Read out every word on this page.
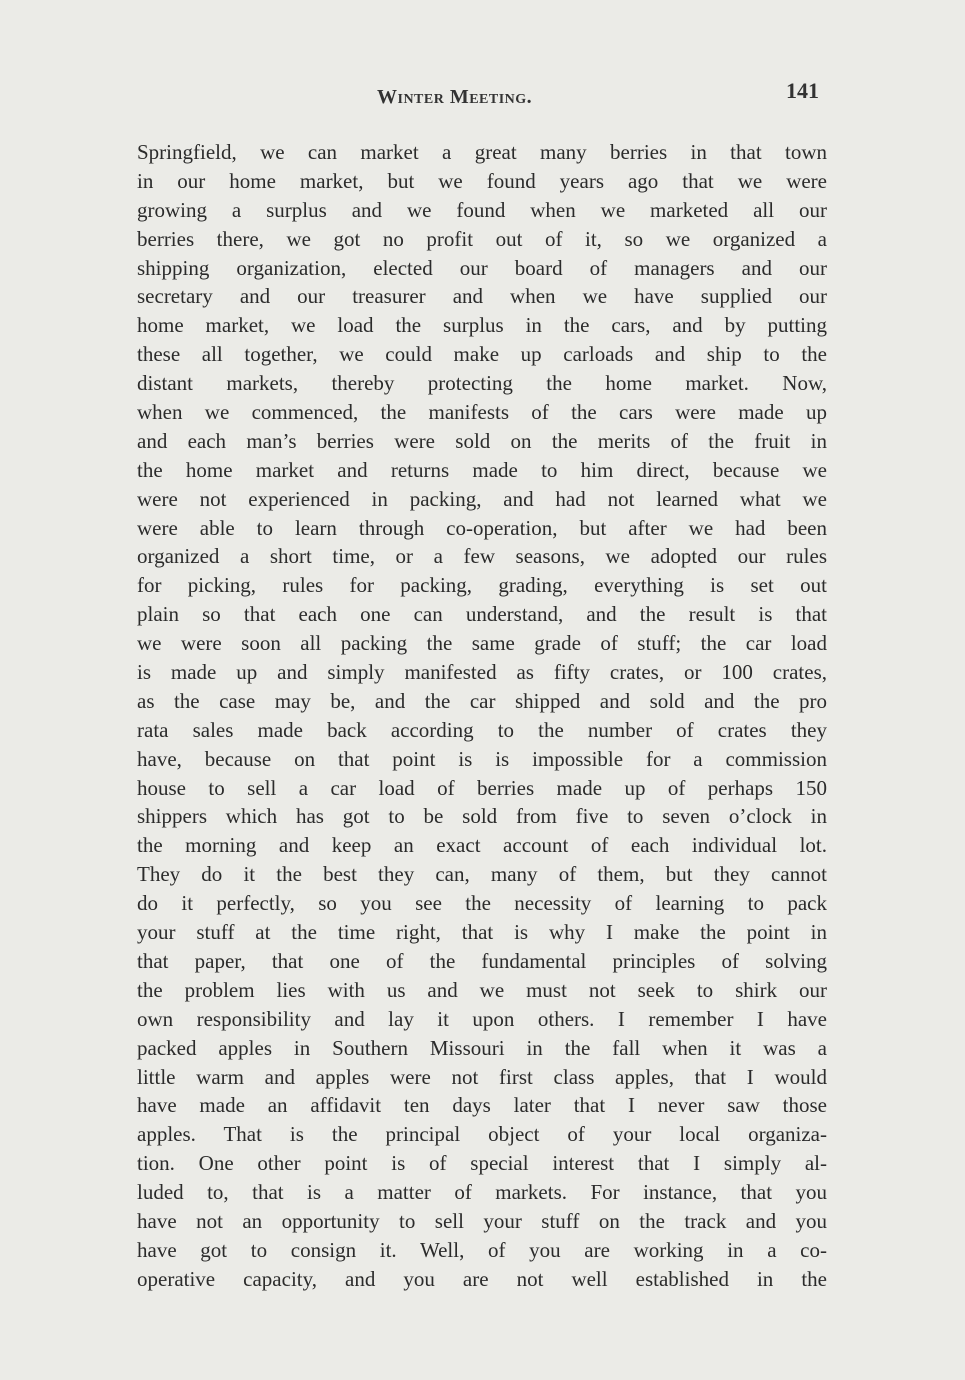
Winter Meeting.	141
Springfield, we can market a great many berries in that town
in our home market, but we found years ago that we were
growing a surplus and we found when we marketed all our
berries there, we got no profit out of it, so we organized a
shipping organization, elected our board of managers and our
secretary and our treasurer and when we have supplied our
home market, we load the surplus in the cars, and by putting
these all together, we could make up carloads and ship to the
distant markets, thereby protecting the home market. Now,
when we commenced, the manifests of the cars were made up
and each man’s berries were sold on the merits of the fruit in
the home market and returns made to him direct, because we
were not experienced in packing, and had not learned what we
were able to learn through co-operation, but after we had been
organized a short time, or a few seasons, we adopted our rules
for picking, rules for packing, grading, everything is set out
plain so that each one can understand, and the result is that
we were soon all packing the same grade of stuff; the car load
is made up and simply manifested as fifty crates, or 100 crates,
as the case may be, and the car shipped and sold and the pro
rata sales made back according to the number of crates they
have, because on that point is is impossible for a commission
house to sell a car load of berries made up of perhaps 150
shippers which has got to be sold from five to seven o’clock in
the morning and keep an exact account of each individual lot.
They do it the best they can, many of them, but they cannot
do it perfectly, so you see the necessity of learning to pack
your stuff at the time right, that is why I make the point in
that paper, that one of the fundamental principles of solving
the problem lies with us and we must not seek to shirk our
own responsibility and lay it upon others. I remember I have
packed apples in Southern Missouri in the fall when it was a
little warm and apples were not first class apples, that I would
have made an affidavit ten days later that I never saw those
apples. That is the principal object of your local organiza-
tion. One other point is of special interest that I simply al-
luded to, that is a matter of markets. For instance, that you
have not an opportunity to sell your stuff on the track and you
have got to consign it. Well, of you are working in a co-
operative capacity, and you are not well established in the
